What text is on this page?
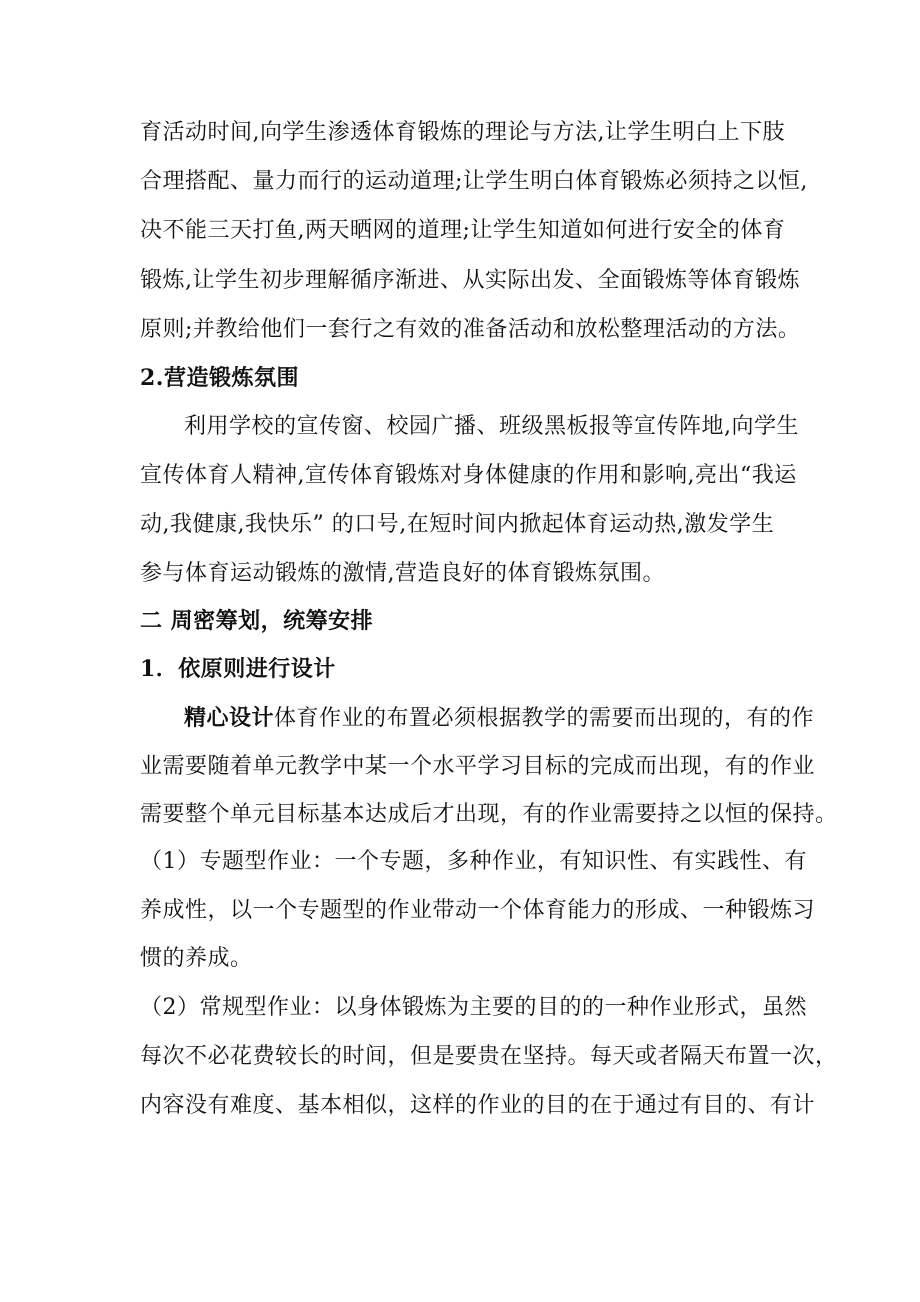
育活动时间,向学生渗透体育锻炼的理论与方法,让学生明白上下肢
合理搭配、量力而行的运动道理;让学生明白体育锻炼必须持之以恒,
决不能三天打鱼,两天晒网的道理;让学生知道如何进行安全的体育
锻炼,让学生初步理解循序渐进、从实际出发、全面锻炼等体育锻炼
原则;并教给他们一套行之有效的准备活动和放松整理活动的方法。
2.营造锻炼氛围
利用学校的宣传窗、校园广播、班级黑板报等宣传阵地,向学生
宣传体育人精神,宣传体育锻炼对身体健康的作用和影响,亮出“我运
动,我健康,我快乐” 的口号,在短时间内掀起体育运动热,激发学生
参与体育运动锻炼的激情,营造良好的体育锻炼氛围。
二 周密筹划，统筹安排
1．依原则进行设计
精心设计体育作业的布置必须根据教学的需要而出现的，有的作
业需要随着单元教学中某一个水平学习目标的完成而出现，有的作业
需要整个单元目标基本达成后才出现，有的作业需要持之以恒的保持。
（1）专题型作业：一个专题，多种作业，有知识性、有实践性、有
养成性，以一个专题型的作业带动一个体育能力的形成、一种锻炼习
惯的养成。
（2）常规型作业：以身体锻炼为主要的目的的一种作业形式，虽然
每次不必花费较长的时间，但是要贵在坚持。每天或者隔天布置一次，
内容没有难度、基本相似，这样的作业的目的在于通过有目的、有计
